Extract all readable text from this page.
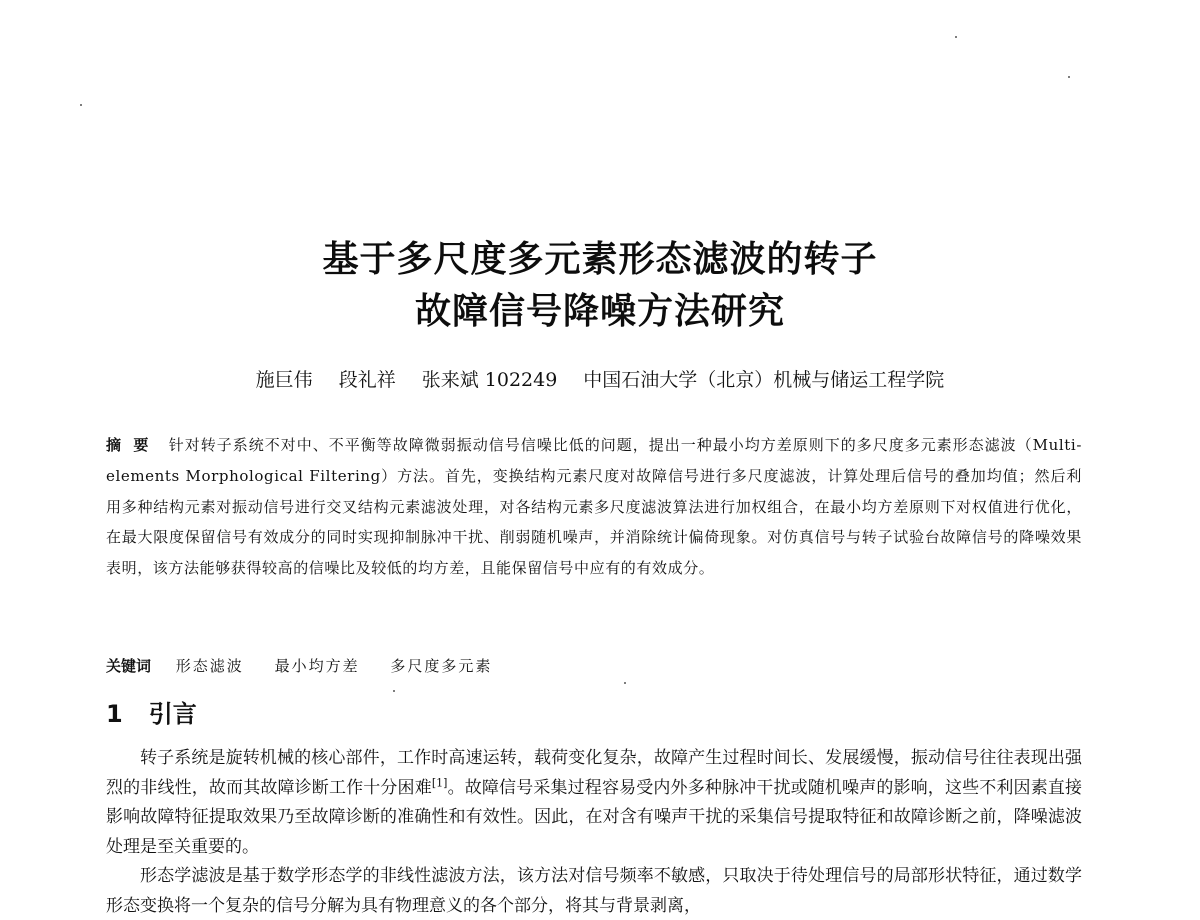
基于多尺度多元素形态滤波的转子
故障信号降噪方法研究
施巨伟 段礼祥 张来斌 102249 中国石油大学（北京）机械与储运工程学院
摘要 针对转子系统不对中、不平衡等故障微弱振动信号信噪比低的问题，提出一种最小均方差原则下的多尺度多元素形态滤波（Multi-elements Morphological Filtering）方法。首先，变换结构元素尺度对故障信号进行多尺度滤波，计算处理后信号的叠加均值；然后利用多种结构元素对振动信号进行交叉结构元素滤波处理，对各结构元素多尺度滤波算法进行加权组合，在最小均方差原则下对权值进行优化，在最大限度保留信号有效成分的同时实现抑制脉冲干扰、削弱随机噪声，并消除统计偏倚现象。对仿真信号与转子试验台故障信号的降噪效果表明，该方法能够获得较高的信噪比及较低的均方差，且能保留信号中应有的有效成分。
关键词 形态滤波 最小均方差 多尺度多元素
1 引言

转子系统是旋转机械的核心部件，工作时高速运转，载荷变化复杂，故障产生过程时间长、发展缓慢，振动信号往往表现出强烈的非线性，故而其故障诊断工作十分困难[1]。故障信号采集过程容易受内外多种脉冲干扰或随机噪声的影响，这些不利因素直接影响故障特征提取效果乃至故障诊断的准确性和有效性。因此，在对含有噪声干扰的采集信号提取特征和故障诊断之前，降噪滤波处理是至关重要的。

形态学滤波是基于数学形态学的非线性滤波方法，该方法对信号频率不敏感，只取决于待处理信号的局部形状特征，通过数学形态变换将一个复杂的信号分解为具有物理意义的各个部分，将其与背景剥离，
